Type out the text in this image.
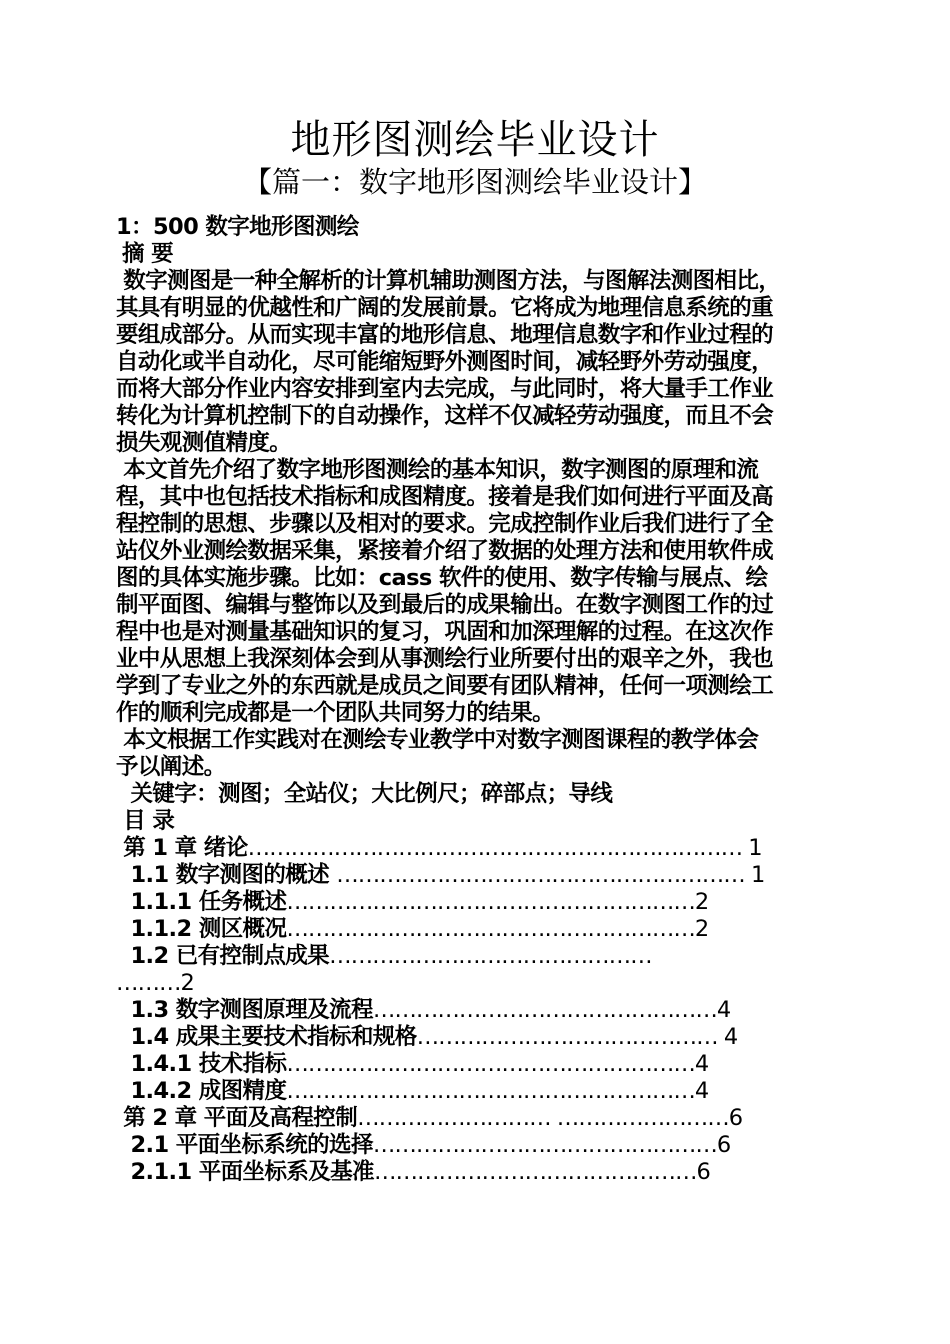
地形图测绘毕业设计
【篇一：数字地形图测绘毕业设计】
1：500 数字地形图测绘
摘 要
数字测图是一种全解析的计算机辅助测图方法，与图解法测图相比，
其具有明显的优越性和广阔的发展前景。它将成为地理信息系统的重
要组成部分。从而实现丰富的地形信息、地理信息数字和作业过程的
自动化或半自动化，尽可能缩短野外测图时间，减轻野外劳动强度，
而将大部分作业内容安排到室内去完成，与此同时，将大量手工作业
转化为计算机控制下的自动操作，这样不仅减轻劳动强度，而且不会
损失观测值精度。
本文首先介绍了数字地形图测绘的基本知识，数字测图的原理和流
程，其中也包括技术指标和成图精度。接着是我们如何进行平面及高
程控制的思想、步骤以及相对的要求。完成控制作业后我们进行了全
站仪外业测绘数据采集，紧接着介绍了数据的处理方法和使用软件成
图的具体实施步骤。比如：cass 软件的使用、数字传输与展点、绘
制平面图、编辑与整饰以及到最后的成果输出。在数字测图工作的过
程中也是对测量基础知识的复习，巩固和加深理解的过程。在这次作
业中从思想上我深刻体会到从事测绘行业所要付出的艰辛之外，我也
学到了专业之外的东西就是成员之间要有团队精神，任何一项测绘工
作的顺利完成都是一个团队共同努力的结果。
本文根据工作实践对在测绘专业教学中对数字测图课程的教学体会
予以阐述。
关键字：测图；全站仪；大比例尺；碎部点；导线
目 录
第 1 章 绪论…………………………………………………………… 1
1.1 数字测图的概述 ………………………………………………… 1
1.1.1 任务概述…………………………………………………2
1.1.2 测区概况…………………………………………………2
1.2 已有控制点成果………………………………………
………2
1.3 数字测图原理及流程…………………………………………4
1.4 成果主要技术指标和规格…………………………………… 4
1.4.1 技术指标…………………………………………………4
1.4.2 成图精度…………………………………………………4
第 2 章 平面及高程控制……………………… ……………………6
2.1 平面坐标系统的选择…………………………………………6
2.1.1 平面坐标系及基准………………………………………6
